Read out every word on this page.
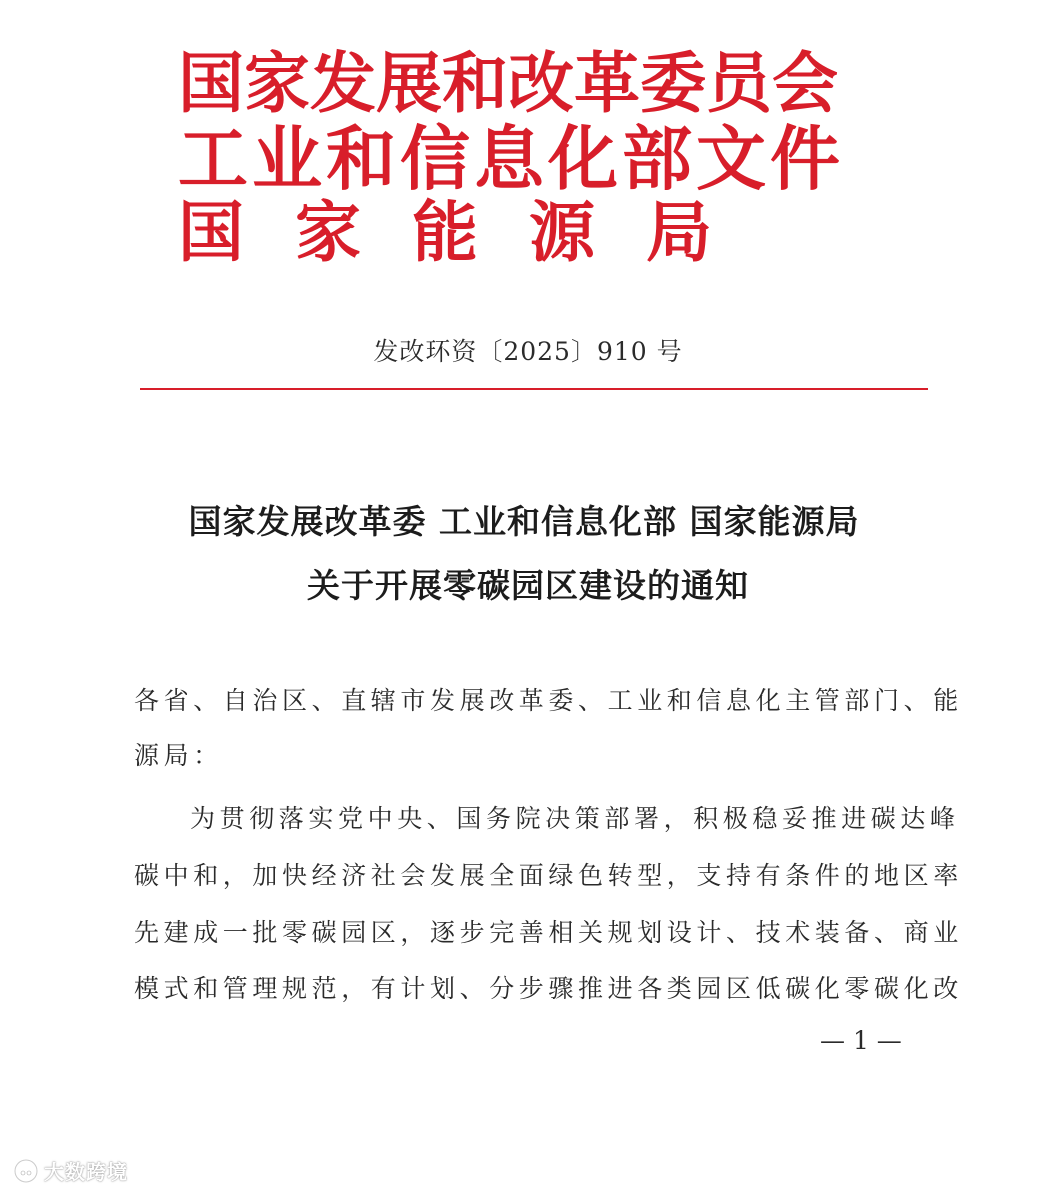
国家发展和改革委员会
工业和信息化部文件
国家能源局
发改环资〔2025〕910 号
国家发展改革委 工业和信息化部 国家能源局
关于开展零碳园区建设的通知
各省、自治区、直辖市发展改革委、工业和信息化主管部门、能
源局：
为贯彻落实党中央、国务院决策部署，积极稳妥推进碳达峰
碳中和，加快经济社会发展全面绿色转型，支持有条件的地区率
先建成一批零碳园区，逐步完善相关规划设计、技术装备、商业
模式和管理规范，有计划、分步骤推进各类园区低碳化零碳化改
— 1 —
大数跨境
